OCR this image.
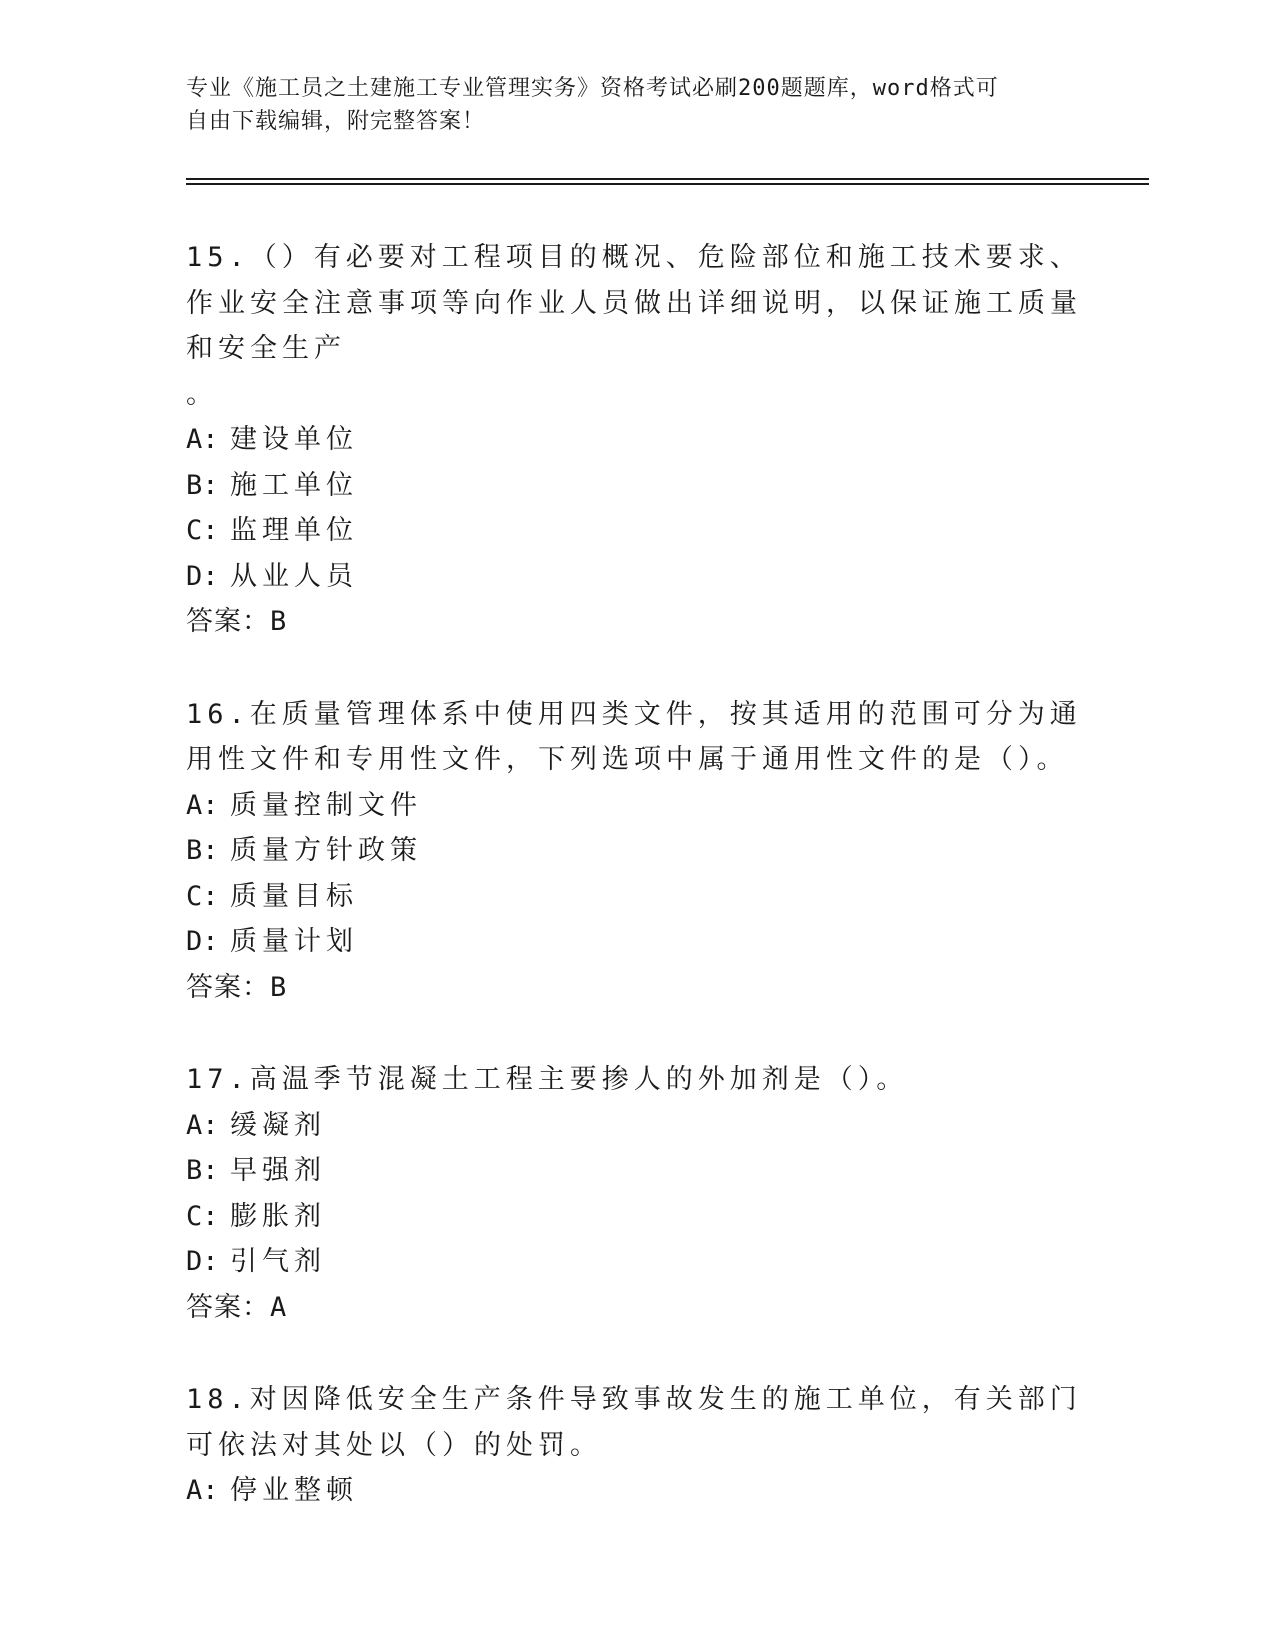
专业《施工员之土建施工专业管理实务》资格考试必刷200题题库，word格式可
自由下载编辑，附完整答案！

15.（）有必要对工程项目的概况、危险部位和施工技术要求、作业安全注意事项等向作业人员做出详细说明，以保证施工质量和安全生产

。

A: 建设单位

B: 施工单位

C: 监理单位

D: 从业人员

答案：B

16.在质量管理体系中使用四类文件，按其适用的范围可分为通用性文件和专用性文件，下列选项中属于通用性文件的是（）。

A: 质量控制文件

B: 质量方针政策

C: 质量目标

D: 质量计划

答案：B

17.高温季节混凝土工程主要掺人的外加剂是（）。

A: 缓凝剂

B: 早强剂

C: 膨胀剂

D: 引气剂

答案：A

18.对因降低安全生产条件导致事故发生的施工单位，有关部门可依法对其处以（）的处罚。

A: 停业整顿
